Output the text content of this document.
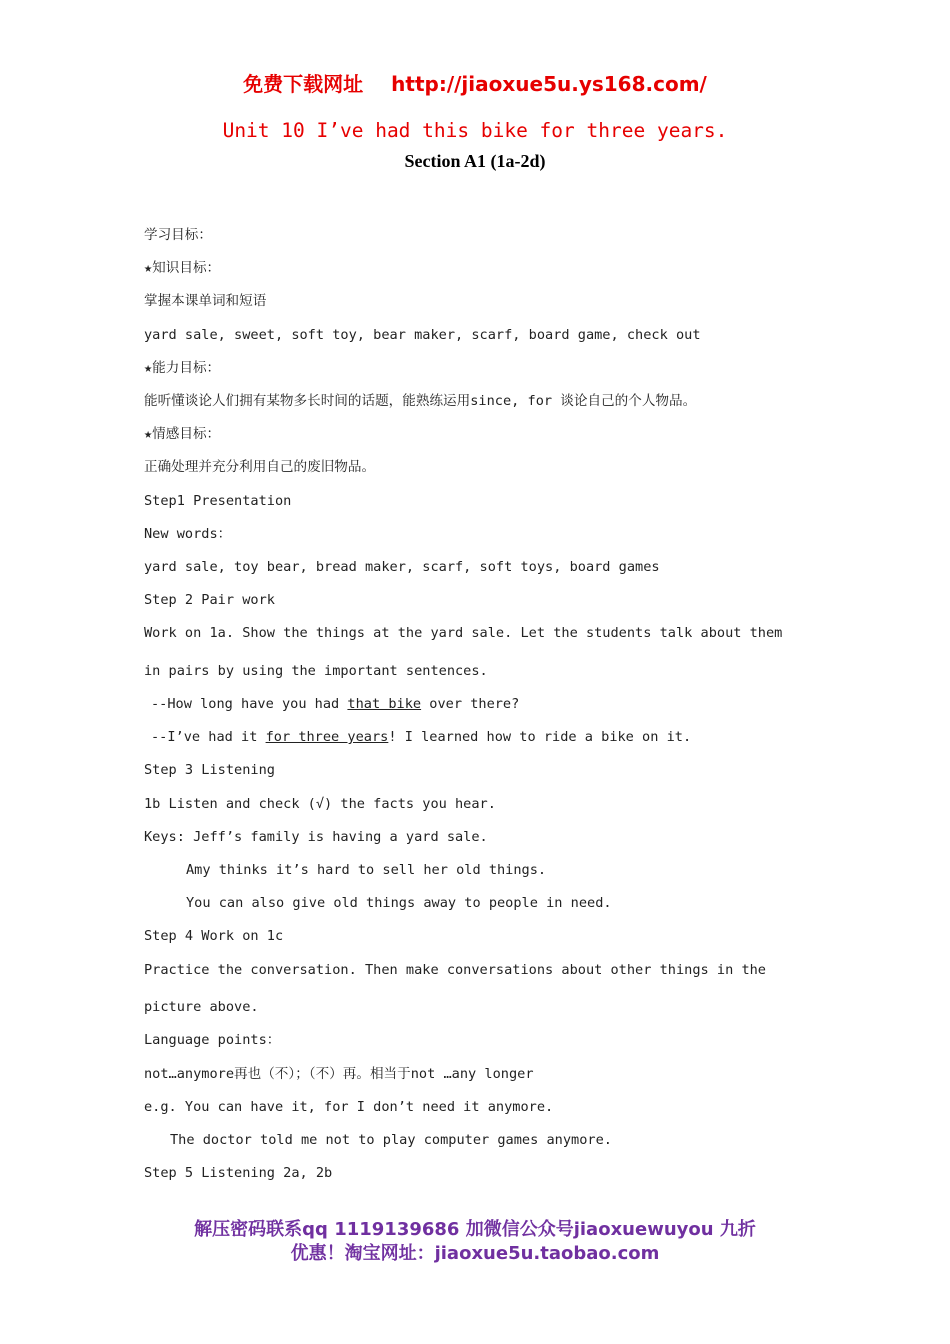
免费下载网址 http://jiaoxue5u.ys168.com/
Unit 10 I’ve had this bike for three years.
Section A1 (1a-2d)
学习目标：
★知识目标：
掌握本课单词和短语
yard sale, sweet, soft toy, bear maker, scarf, board game, check out
★能力目标：
能听懂谈论人们拥有某物多长时间的话题，能熟练运用since, for 谈论自己的个人物品。
★情感目标：
正确处理并充分利用自己的废旧物品。
Step1 Presentation
New words：
yard sale, toy bear, bread maker, scarf, soft toys, board games
Step 2 Pair work
Work on 1a. Show the things at the yard sale. Let the students talk about them
in pairs by using the important sentences.
--How long have you had that bike over there?
--I’ve had it for three years! I learned how to ride a bike on it.
Step 3 Listening
1b Listen and check (√) the facts you hear.
Keys: Jeff’s family is having a yard sale.
Amy thinks it’s hard to sell her old things.
You can also give old things away to people in need.
Step 4 Work on 1c
Practice the conversation. Then make conversations about other things in the
picture above.
Language points：
not…anymore再也（不）；（不）再。相当于not …any longer
e.g. You can have it, for I don’t need it anymore.
The doctor told me not to play computer games anymore.
Step 5 Listening 2a, 2b
解压密码联系qq 1119139686 加微信公众号jiaoxuewuyou 九折
优惠！淘宝网址：jiaoxue5u.taobao.com
